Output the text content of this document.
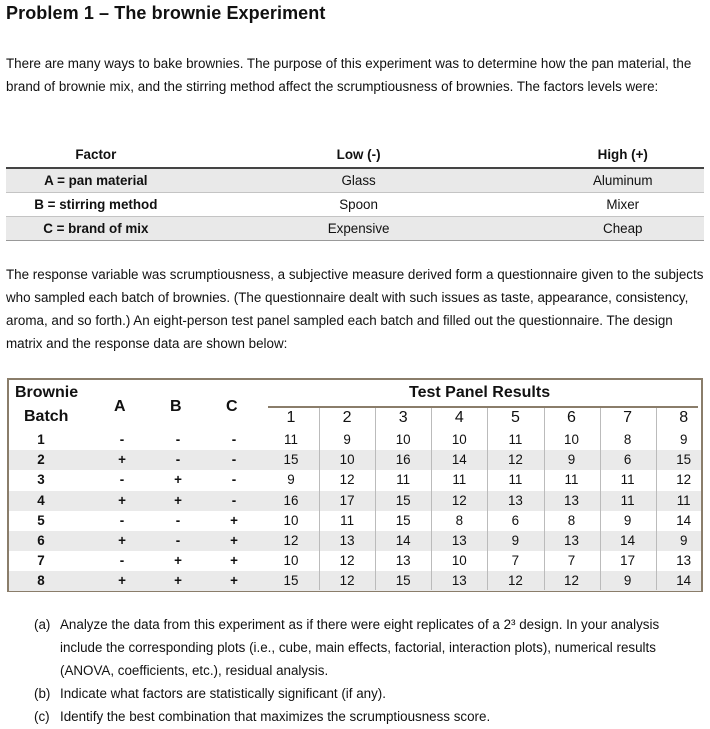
Problem 1 – The brownie Experiment
There are many ways to bake brownies. The purpose of this experiment was to determine how the pan material, the brand of brownie mix, and the stirring method affect the scrumptiousness of brownies. The factors levels were:
Factor	Low (-)	High (+)
A = pan material	Glass	Aluminum
B = stirring method	Spoon	Mixer
C = brand of mix	Expensive	Cheap
The response variable was scrumptiousness, a subjective measure derived form a questionnaire given to the subjects who sampled each batch of brownies. (The questionnaire dealt with such issues as taste, appearance, consistency, aroma, and so forth.) An eight-person test panel sampled each batch and filled out the questionnaire. The design matrix and the response data are shown below:
Brownie
Batch
A	B	C
Test Panel Results
1	2	3	4	5	6	7	8
1	-	-	-	11	9	10	10	11	10	8	9
2	+	-	-	15	10	16	14	12	9	6	15
3	-	+	-	9	12	11	11	11	11	11	12
4	+	+	-	16	17	15	12	13	13	11	11
5	-	-	+	10	11	15	8	6	8	9	14
6	+	-	+	12	13	14	13	9	13	14	9
7	-	+	+	10	12	13	10	7	7	17	13
8	+	+	+	15	12	15	13	12	12	9	14
(a) Analyze the data from this experiment as if there were eight replicates of a 2³ design. In your analysis include the corresponding plots (i.e., cube, main effects, factorial, interaction plots), numerical results (ANOVA, coefficients, etc.), residual analysis.
(b) Indicate what factors are statistically significant (if any).
(c) Identify the best combination that maximizes the scrumptiousness score.
